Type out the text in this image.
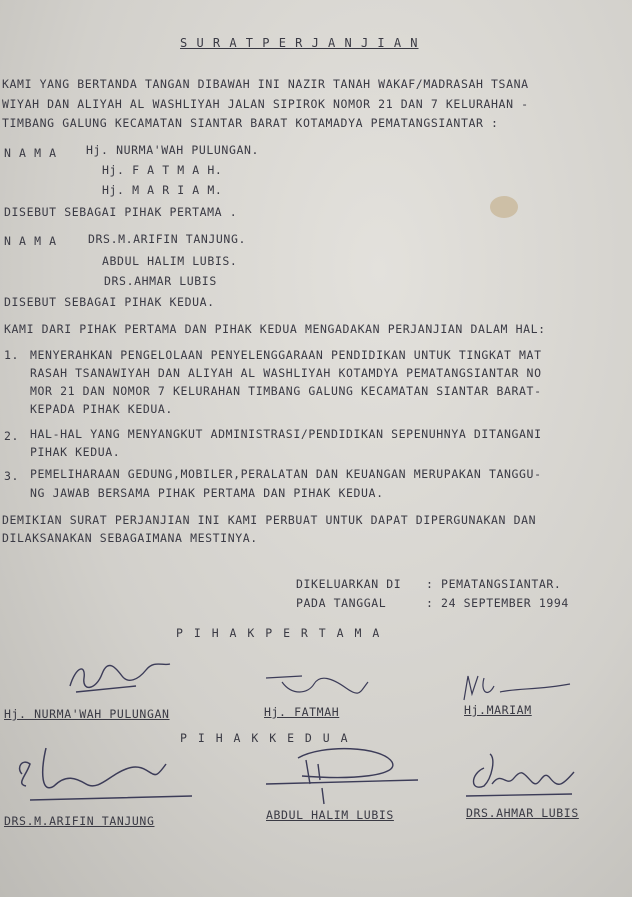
S U R A T P E R J A N J I A N
KAMI YANG BERTANDA TANGAN DIBAWAH INI NAZIR TANAH WAKAF/MADRASAH TSANA
WIYAH DAN ALIYAH AL WASHLIYAH JALAN SIPIROK NOMOR 21 DAN 7 KELURAHAN -
TIMBANG GALUNG KECAMATAN SIANTAR BARAT KOTAMADYA PEMATANGSIANTAR :
N A M A	Hj. NURMA'WAH PULUNGAN.
Hj. F A T M A H.
Hj. M A R I A M.
DISEBUT SEBAGAI PIHAK PERTAMA .
N A M A	DRS.M.ARIFIN TANJUNG.
ABDUL HALIM LUBIS.
DRS.AHMAR LUBIS
DISEBUT SEBAGAI PIHAK KEDUA.
KAMI DARI PIHAK PERTAMA DAN PIHAK KEDUA MENGADAKAN PERJANJIAN DALAM HAL:
1. MENYERAHKAN PENGELOLAAN PENYELENGGARAAN PENDIDIKAN UNTUK TINGKAT MAT
RASAH TSANAWIYAH DAN ALIYAH AL WASHLIYAH KOTAMDYA PEMATANGSIANTAR NO
MOR 21 DAN NOMOR 7 KELURAHAN TIMBANG GALUNG KECAMATAN SIANTAR BARAT-
KEPADA PIHAK KEDUA.
2. HAL-HAL YANG MENYANGKUT ADMINISTRASI/PENDIDIKAN SEPENUHNYA DITANGANI
PIHAK KEDUA.
3. PEMELIHARAAN GEDUNG,MOBILER,PERALATAN DAN KEUANGAN MERUPAKAN TANGGU-
NG JAWAB BERSAMA PIHAK PERTAMA DAN PIHAK KEDUA.
DEMIKIAN SURAT PERJANJIAN INI KAMI PERBUAT UNTUK DAPAT DIPERGUNAKAN DAN
DILAKSANAKAN SEBAGAIMANA MESTINYA.
DIKELUARKAN DI : PEMATANGSIANTAR.
PADA TANGGAL	: 24 SEPTEMBER 1994
P I H A K P E R T A M A
Hj. NURMA'WAH PULUNGAN	Hj. FATMAH	Hj.MARIAM
P I H A K K E D U A
DRS.M.ARIFIN TANJUNG	ABDUL HALIM LUBIS	DRS.AHMAR LUBIS
